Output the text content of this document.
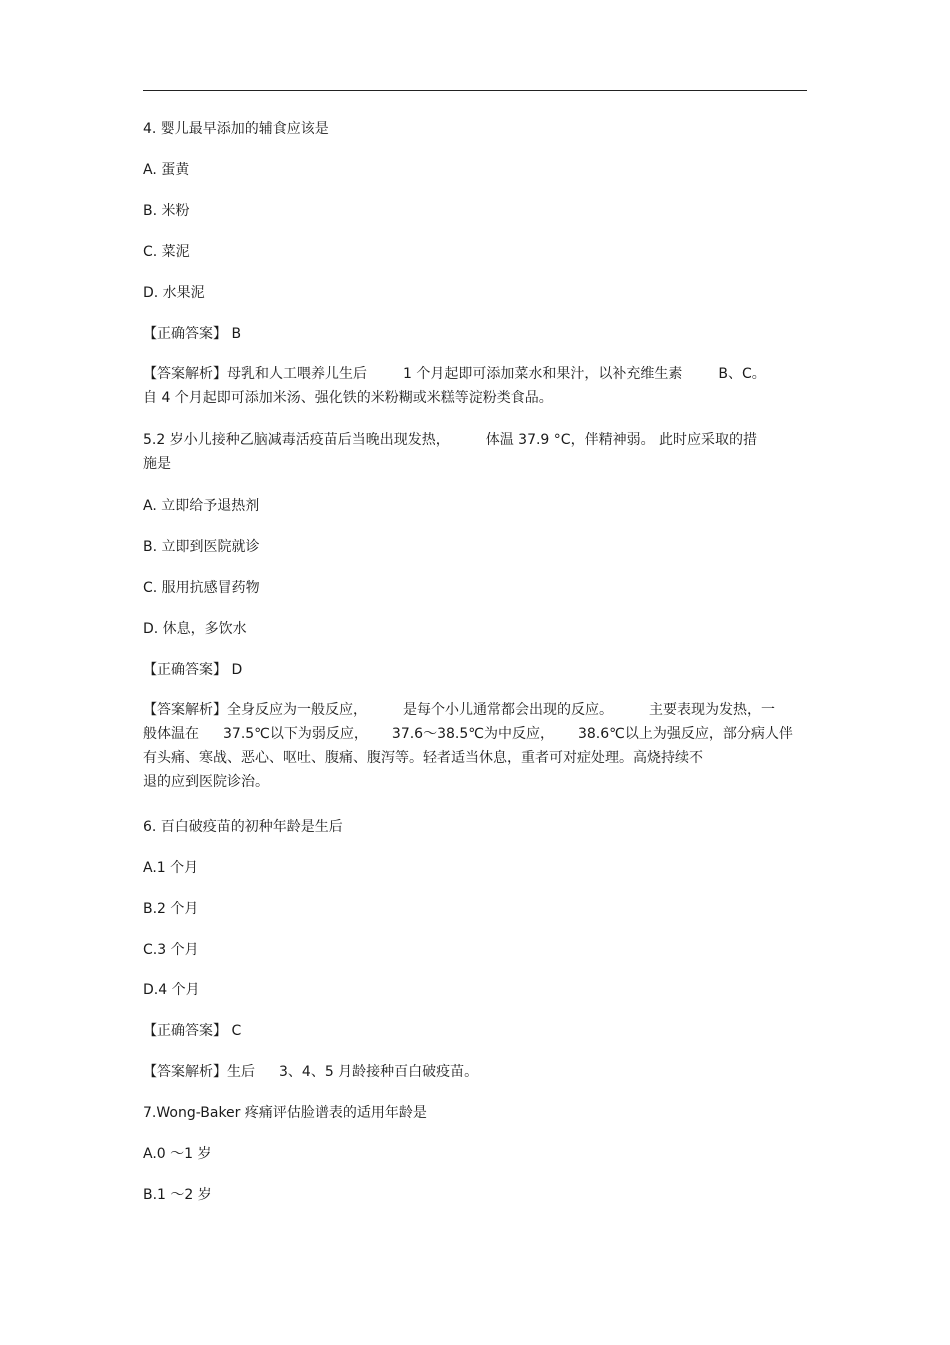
4. 婴儿最早添加的辅食应该是
A. 蛋黄
B. 米粉
C. 菜泥
D. 水果泥
【正确答案】 B
【答案解析】母乳和人工喂养儿生后	1 个月起即可添加菜水和果汁，以补充维生素	B、C。
自 4 个月起即可添加米汤、强化铁的米粉糊或米糕等淀粉类食品。
5.2 岁小儿接种乙脑减毒活疫苗后当晚出现发热，	体温 37.9 °C，伴精神弱。 此时应采取的措
施是
A. 立即给予退热剂
B. 立即到医院就诊
C. 服用抗感冒药物
D. 休息，多饮水
【正确答案】 D
【答案解析】全身反应为一般反应，	是每个小儿通常都会出现的反应。	主要表现为发热，一
般体温在 37.5℃以下为弱反应， 37.6～38.5℃为中反应， 38.6℃以上为强反应，部分病人伴
有头痛、寒战、恶心、呕吐、腹痛、腹泻等。轻者适当休息，重者可对症处理。高烧持续不
退的应到医院诊治。
6. 百白破疫苗的初种年龄是生后
A.1 个月
B.2 个月
C.3 个月
D.4 个月
【正确答案】 C
【答案解析】生后 3、4、5 月龄接种百白破疫苗。
7.Wong-Baker 疼痛评估脸谱表的适用年龄是
A.0 ～1 岁
B.1 ～2 岁
